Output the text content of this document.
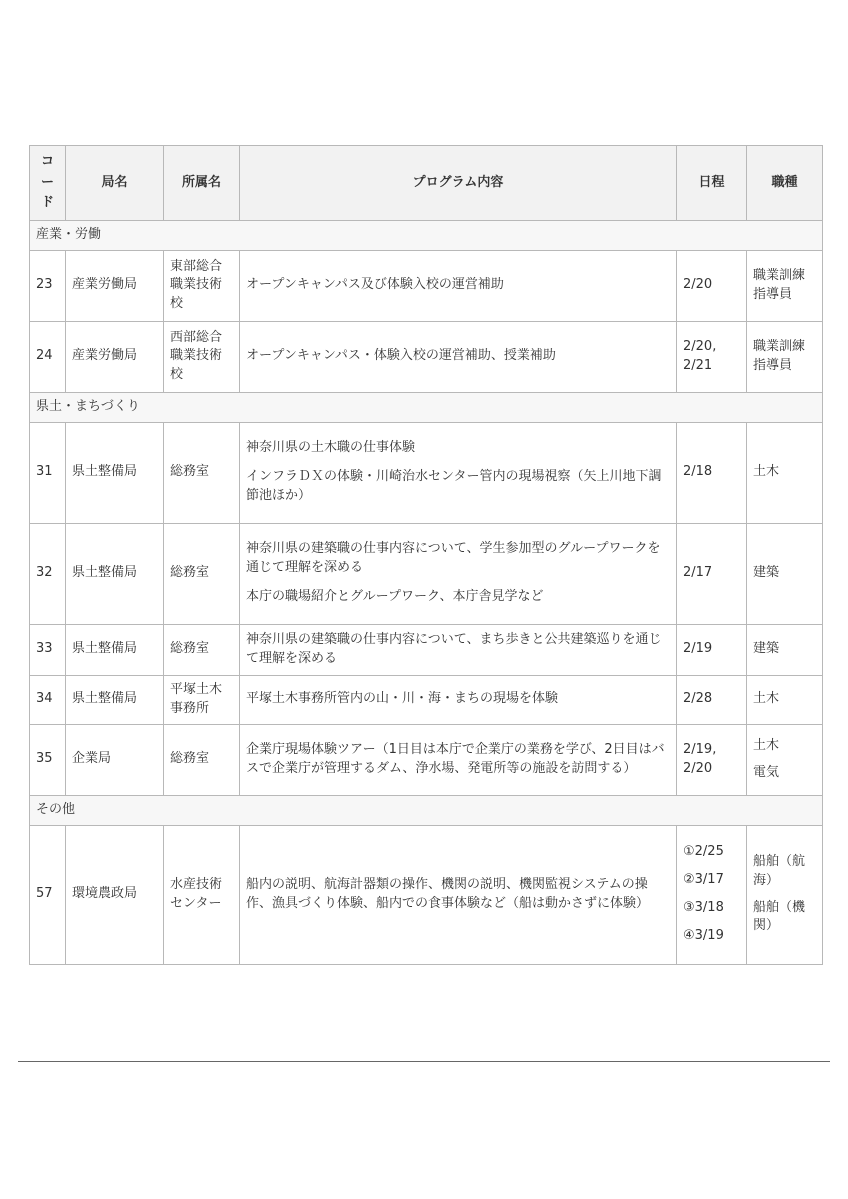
コ
ー
ド	局名	所属名	プログラム内容	日程	職種
産業・労働					
23	産業労働局	東部総合職業技術校	オープンキャンパス及び体験入校の運営補助	2/20	職業訓練指導員

24	産業労働局	西部総合職業技術校	オープンキャンパス・体験入校の運営補助、授業補助	2/20,
2/21	職業訓練指導員

県土・まちづくり					
31	県土整備局	総務室	神奈川県の土木職の仕事体験
インフラＤＸの体験・川崎治水センター管内の現場視察（矢上川地下調節池ほか）	2/18	土木

32	県土整備局	総務室	神奈川県の建築職の仕事内容について、学生参加型のグループワークを通じて理解を深める
本庁の職場紹介とグループワーク、本庁舎見学など	2/17	建築

33	県土整備局	総務室	神奈川県の建築職の仕事内容について、まち歩きと公共建築巡りを通じて理解を深める	2/19	建築

34	県土整備局	平塚土木事務所	平塚土木事務所管内の山・川・海・まちの現場を体験	2/28	土木

35	企業局	総務室	企業庁現場体験ツアー（1日目は本庁で企業庁の業務を学び、2日目はバスで企業庁が管理するダム、浄水場、発電所等の施設を訪問する）	2/19,
2/20	土木
電気

その他					
57	環境農政局	水産技術センター	船内の説明、航海計器類の操作、機関の説明、機関監視システムの操作、漁具づくり体験、船内での食事体験など（船は動かさずに体験）	①2/25
②3/17
③3/18
④3/19	船舶（航海）
船舶（機関）
